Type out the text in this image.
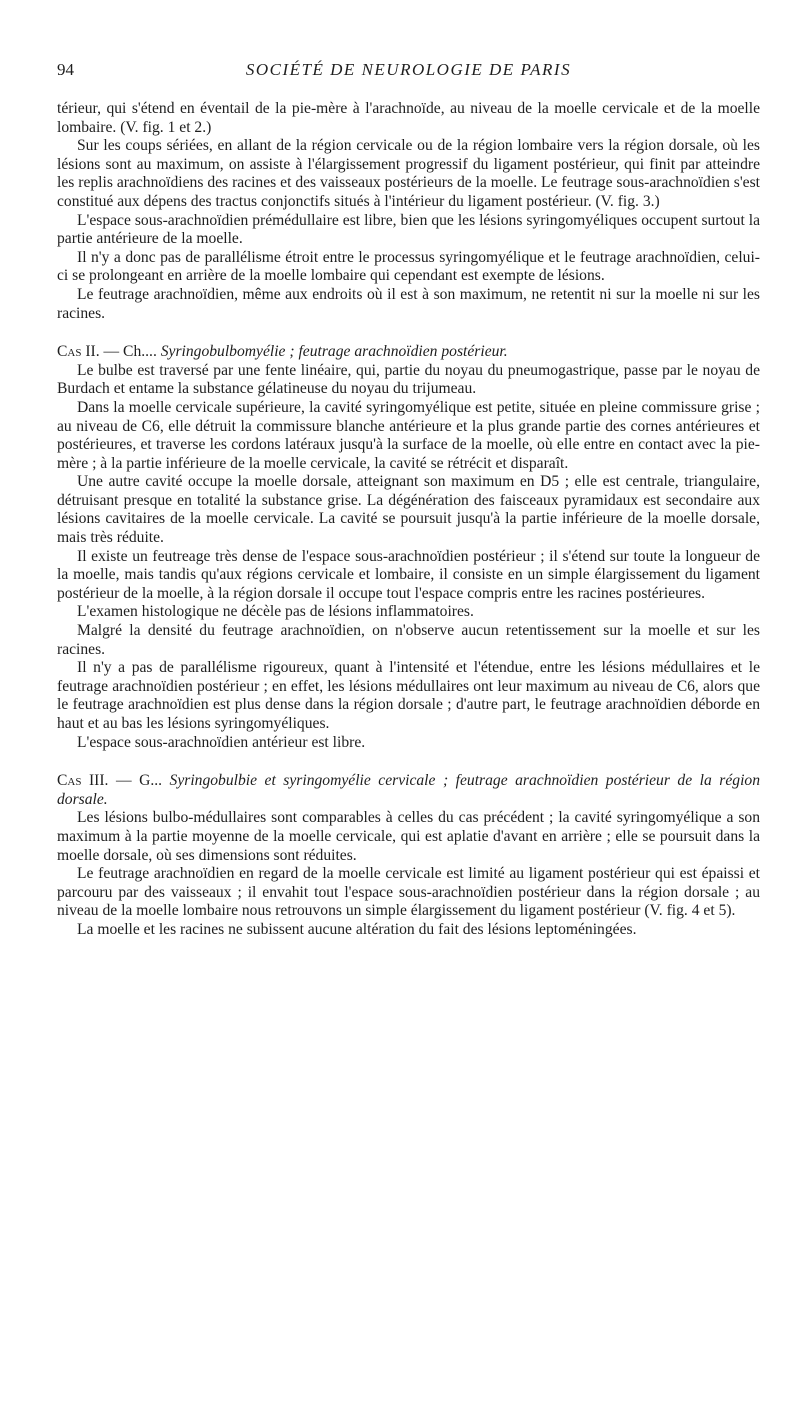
94	SOCIÉTÉ DE NEUROLOGIE DE PARIS

térieur, qui s'étend en éventail de la pie-mère à l'arachnoïde, au niveau de la moelle cervicale et de la moelle lombaire. (V. fig. 1 et 2.)

Sur les coups sériées, en allant de la région cervicale ou de la région lombaire vers la région dorsale, où les lésions sont au maximum, on assiste à l'élargissement progressif du ligament postérieur, qui finit par atteindre les replis arachnoïdiens des racines et des vaisseaux postérieurs de la moelle. Le feutrage sous-arachnoïdien s'est constitué aux dépens des tractus conjonctifs situés à l'intérieur du ligament postérieur. (V. fig. 3.)

L'espace sous-arachnoïdien prémédullaire est libre, bien que les lésions syringomyéliques occupent surtout la partie antérieure de la moelle.

Il n'y a donc pas de parallélisme étroit entre le processus syringomyélique et le feutrage arachnoïdien, celui-ci se prolongeant en arrière de la moelle lombaire qui cependant est exempte de lésions.

Le feutrage arachnoïdien, même aux endroits où il est à son maximum, ne retentit ni sur la moelle ni sur les racines.

Cas II. — Ch.... Syringobulbomyélie ; feutrage arachnoïdien postérieur.

Le bulbe est traversé par une fente linéaire, qui, partie du noyau du pneumogastrique, passe par le noyau de Burdach et entame la substance gélatineuse du noyau du trijumeau.

Dans la moelle cervicale supérieure, la cavité syringomyélique est petite, située en pleine commissure grise ; au niveau de C6, elle détruit la commissure blanche antérieure et la plus grande partie des cornes antérieures et postérieures, et traverse les cordons latéraux jusqu'à la surface de la moelle, où elle entre en contact avec la pie-mère ; à la partie inférieure de la moelle cervicale, la cavité se rétrécit et disparaît.

Une autre cavité occupe la moelle dorsale, atteignant son maximum en D5 ; elle est centrale, triangulaire, détruisant presque en totalité la substance grise. La dégénération des faisceaux pyramidaux est secondaire aux lésions cavitaires de la moelle cervicale. La cavité se poursuit jusqu'à la partie inférieure de la moelle dorsale, mais très réduite.

Il existe un feutreage très dense de l'espace sous-arachnoïdien postérieur ; il s'étend sur toute la longueur de la moelle, mais tandis qu'aux régions cervicale et lombaire, il consiste en un simple élargissement du ligament postérieur de la moelle, à la région dorsale il occupe tout l'espace compris entre les racines postérieures.

L'examen histologique ne décèle pas de lésions inflammatoires.

Malgré la densité du feutrage arachnoïdien, on n'observe aucun retentissement sur la moelle et sur les racines.

Il n'y a pas de parallélisme rigoureux, quant à l'intensité et l'étendue, entre les lésions médullaires et le feutrage arachnoïdien postérieur ; en effet, les lésions médullaires ont leur maximum au niveau de C6, alors que le feutrage arachnoïdien est plus dense dans la région dorsale ; d'autre part, le feutrage arachnoïdien déborde en haut et au bas les lésions syringomyéliques.

L'espace sous-arachnoïdien antérieur est libre.

Cas III. — G... Syringobulbie et syringomyélie cervicale ; feutrage arachnoïdien postérieur de la région dorsale.

Les lésions bulbo-médullaires sont comparables à celles du cas précédent ; la cavité syringomyélique a son maximum à la partie moyenne de la moelle cervicale, qui est aplatie d'avant en arrière ; elle se poursuit dans la moelle dorsale, où ses dimensions sont réduites.

Le feutrage arachnoïdien en regard de la moelle cervicale est limité au ligament postérieur qui est épaissi et parcouru par des vaisseaux ; il envahit tout l'espace sous-arachnoïdien postérieur dans la région dorsale ; au niveau de la moelle lombaire nous retrouvons un simple élargissement du ligament postérieur (V. fig. 4 et 5).

La moelle et les racines ne subissent aucune altération du fait des lésions leptoméningées.
